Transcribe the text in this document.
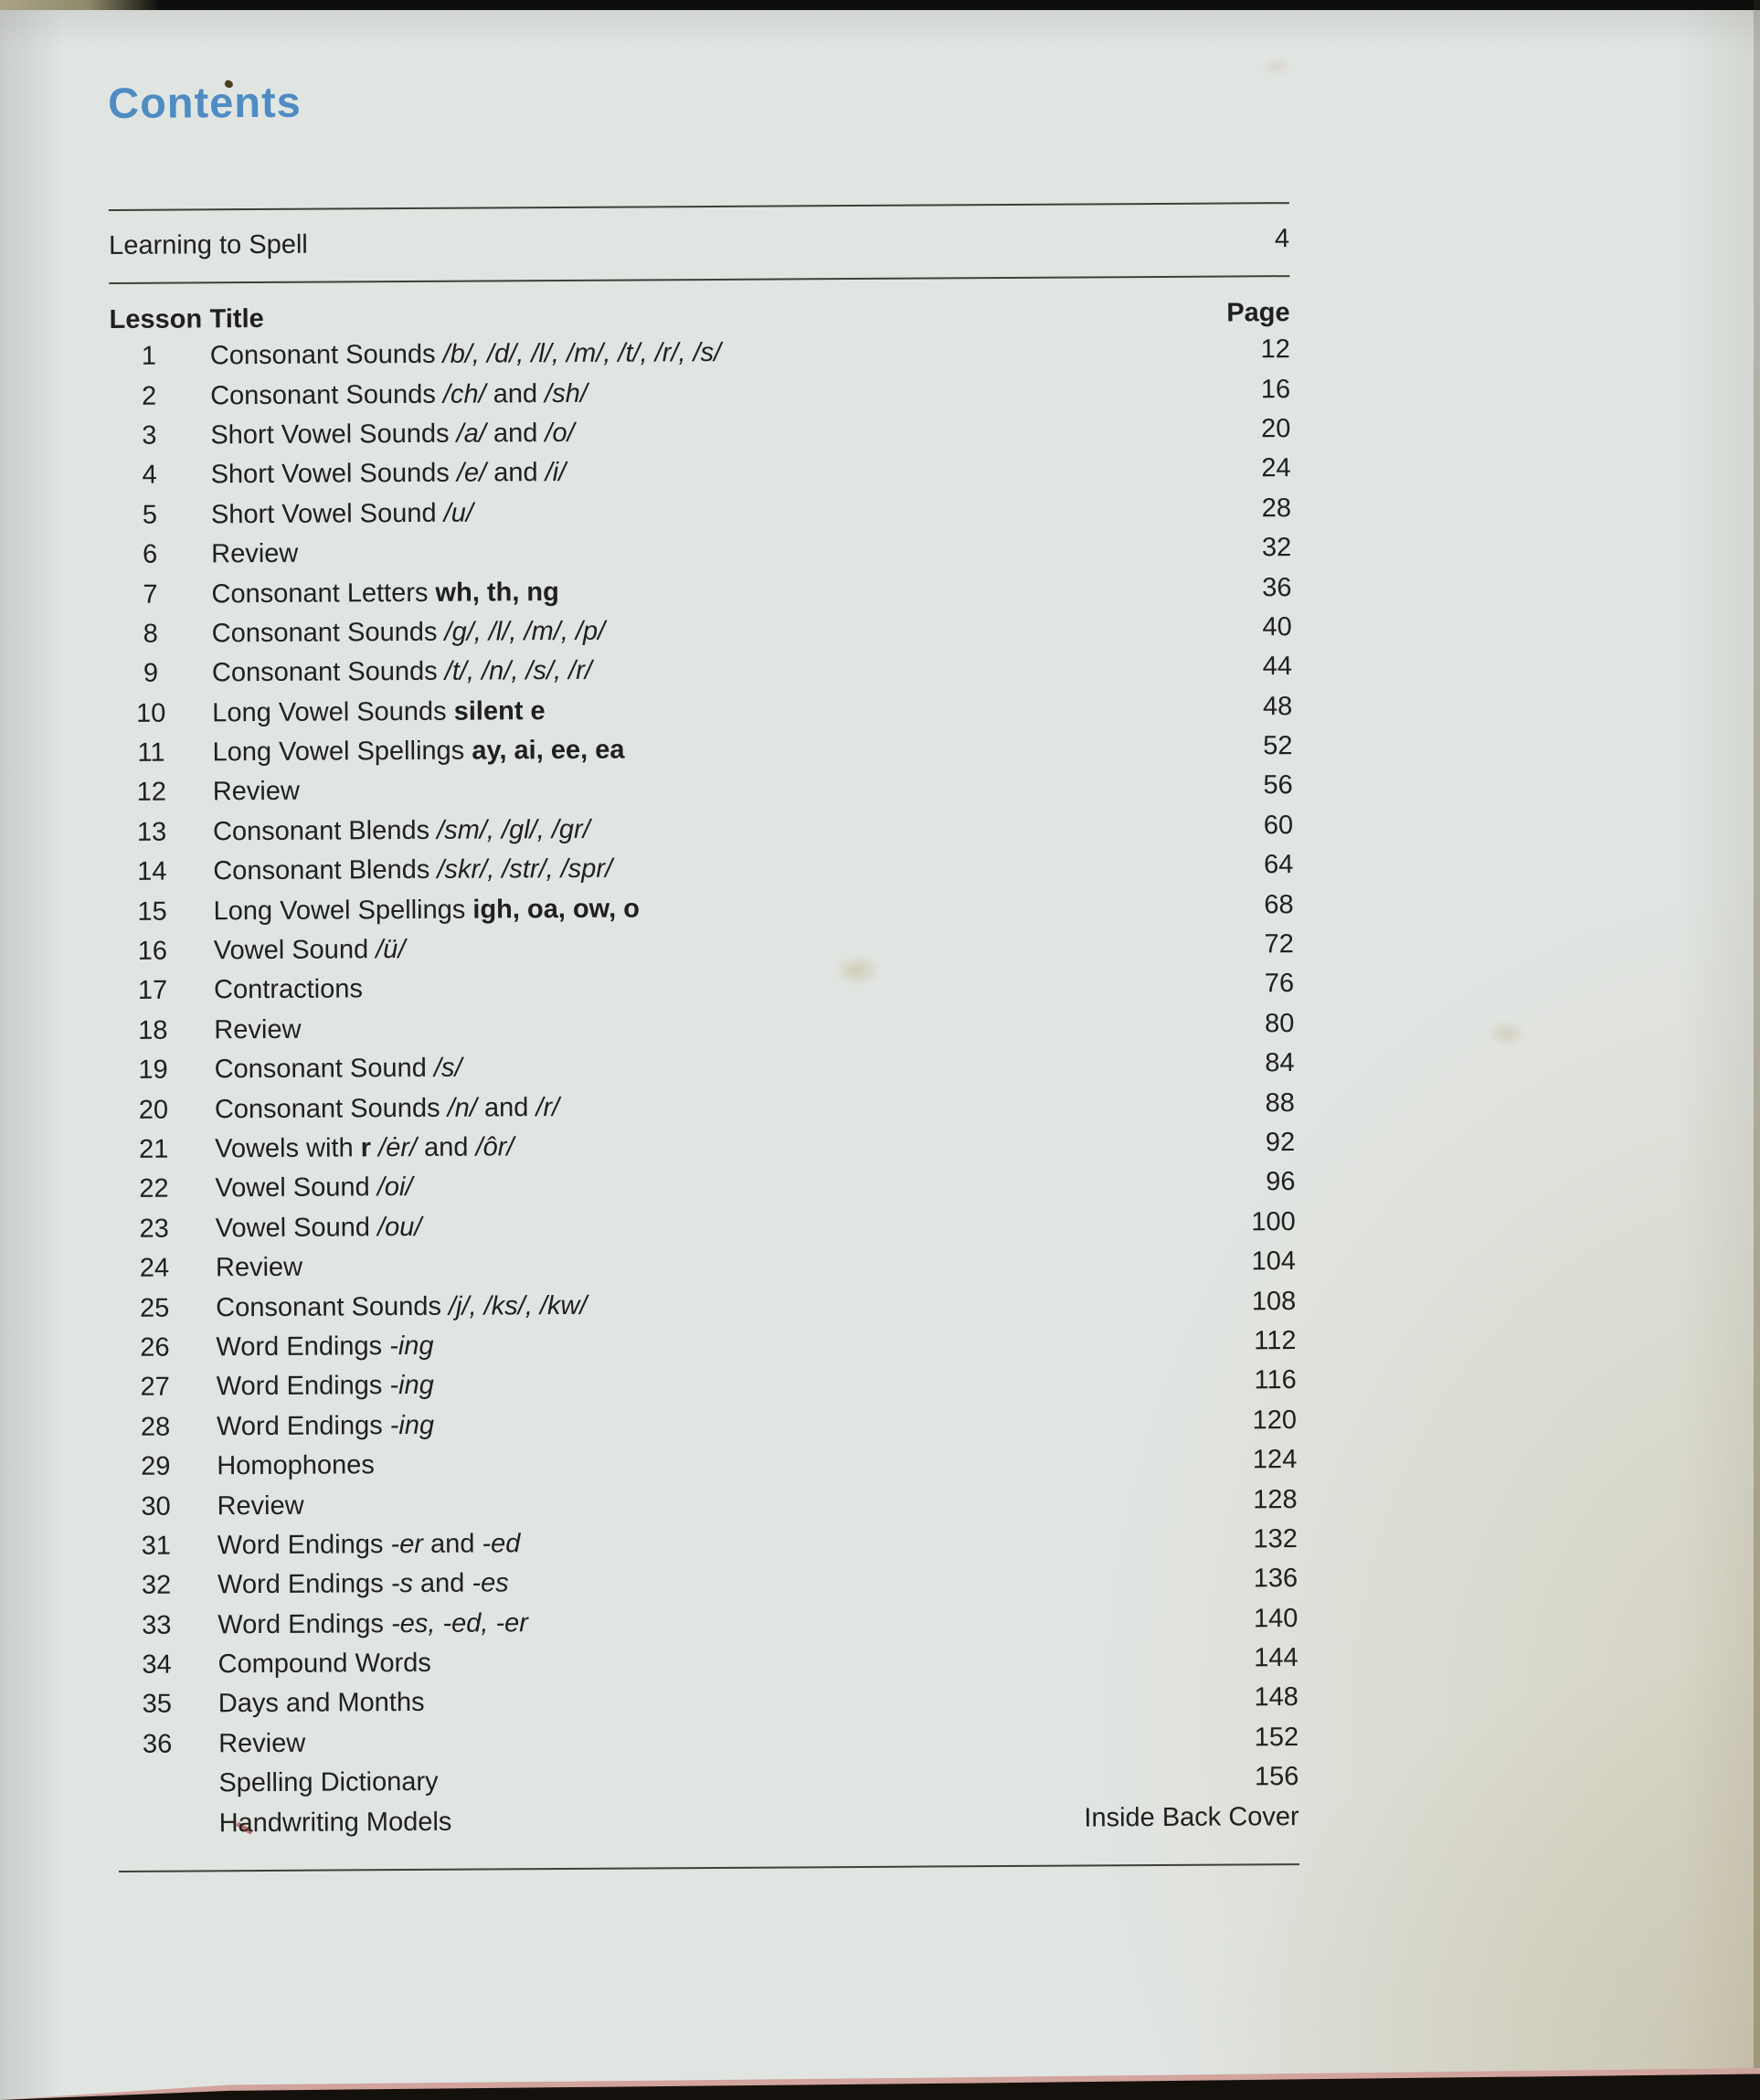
Contents
Learning to Spell	4
Lesson Title	Page
1	Consonant Sounds /b/, /d/, /l/, /m/, /t/, /r/, /s/	12
2	Consonant Sounds /ch/ and /sh/	16
3	Short Vowel Sounds /a/ and /o/	20
4	Short Vowel Sounds /e/ and /i/	24
5	Short Vowel Sound /u/	28
6	Review	32
7	Consonant Letters wh, th, ng	36
8	Consonant Sounds /g/, /l/, /m/, /p/	40
9	Consonant Sounds /t/, /n/, /s/, /r/	44
10	Long Vowel Sounds silent e	48
11	Long Vowel Spellings ay, ai, ee, ea	52
12	Review	56
13	Consonant Blends /sm/, /gl/, /gr/	60
14	Consonant Blends /skr/, /str/, /spr/	64
15	Long Vowel Spellings igh, oa, ow, o	68
16	Vowel Sound /ü/	72
17	Contractions	76
18	Review	80
19	Consonant Sound /s/	84
20	Consonant Sounds /n/ and /r/	88
21	Vowels with r /ėr/ and /ôr/	92
22	Vowel Sound /oi/	96
23	Vowel Sound /ou/	100
24	Review	104
25	Consonant Sounds /j/, /ks/, /kw/	108
26	Word Endings -ing	112
27	Word Endings -ing	116
28	Word Endings -ing	120
29	Homophones	124
30	Review	128
31	Word Endings -er and -ed	132
32	Word Endings -s and -es	136
33	Word Endings -es, -ed, -er	140
34	Compound Words	144
35	Days and Months	148
36	Review	152
Spelling Dictionary	156
Handwriting Models	Inside Back Cover
